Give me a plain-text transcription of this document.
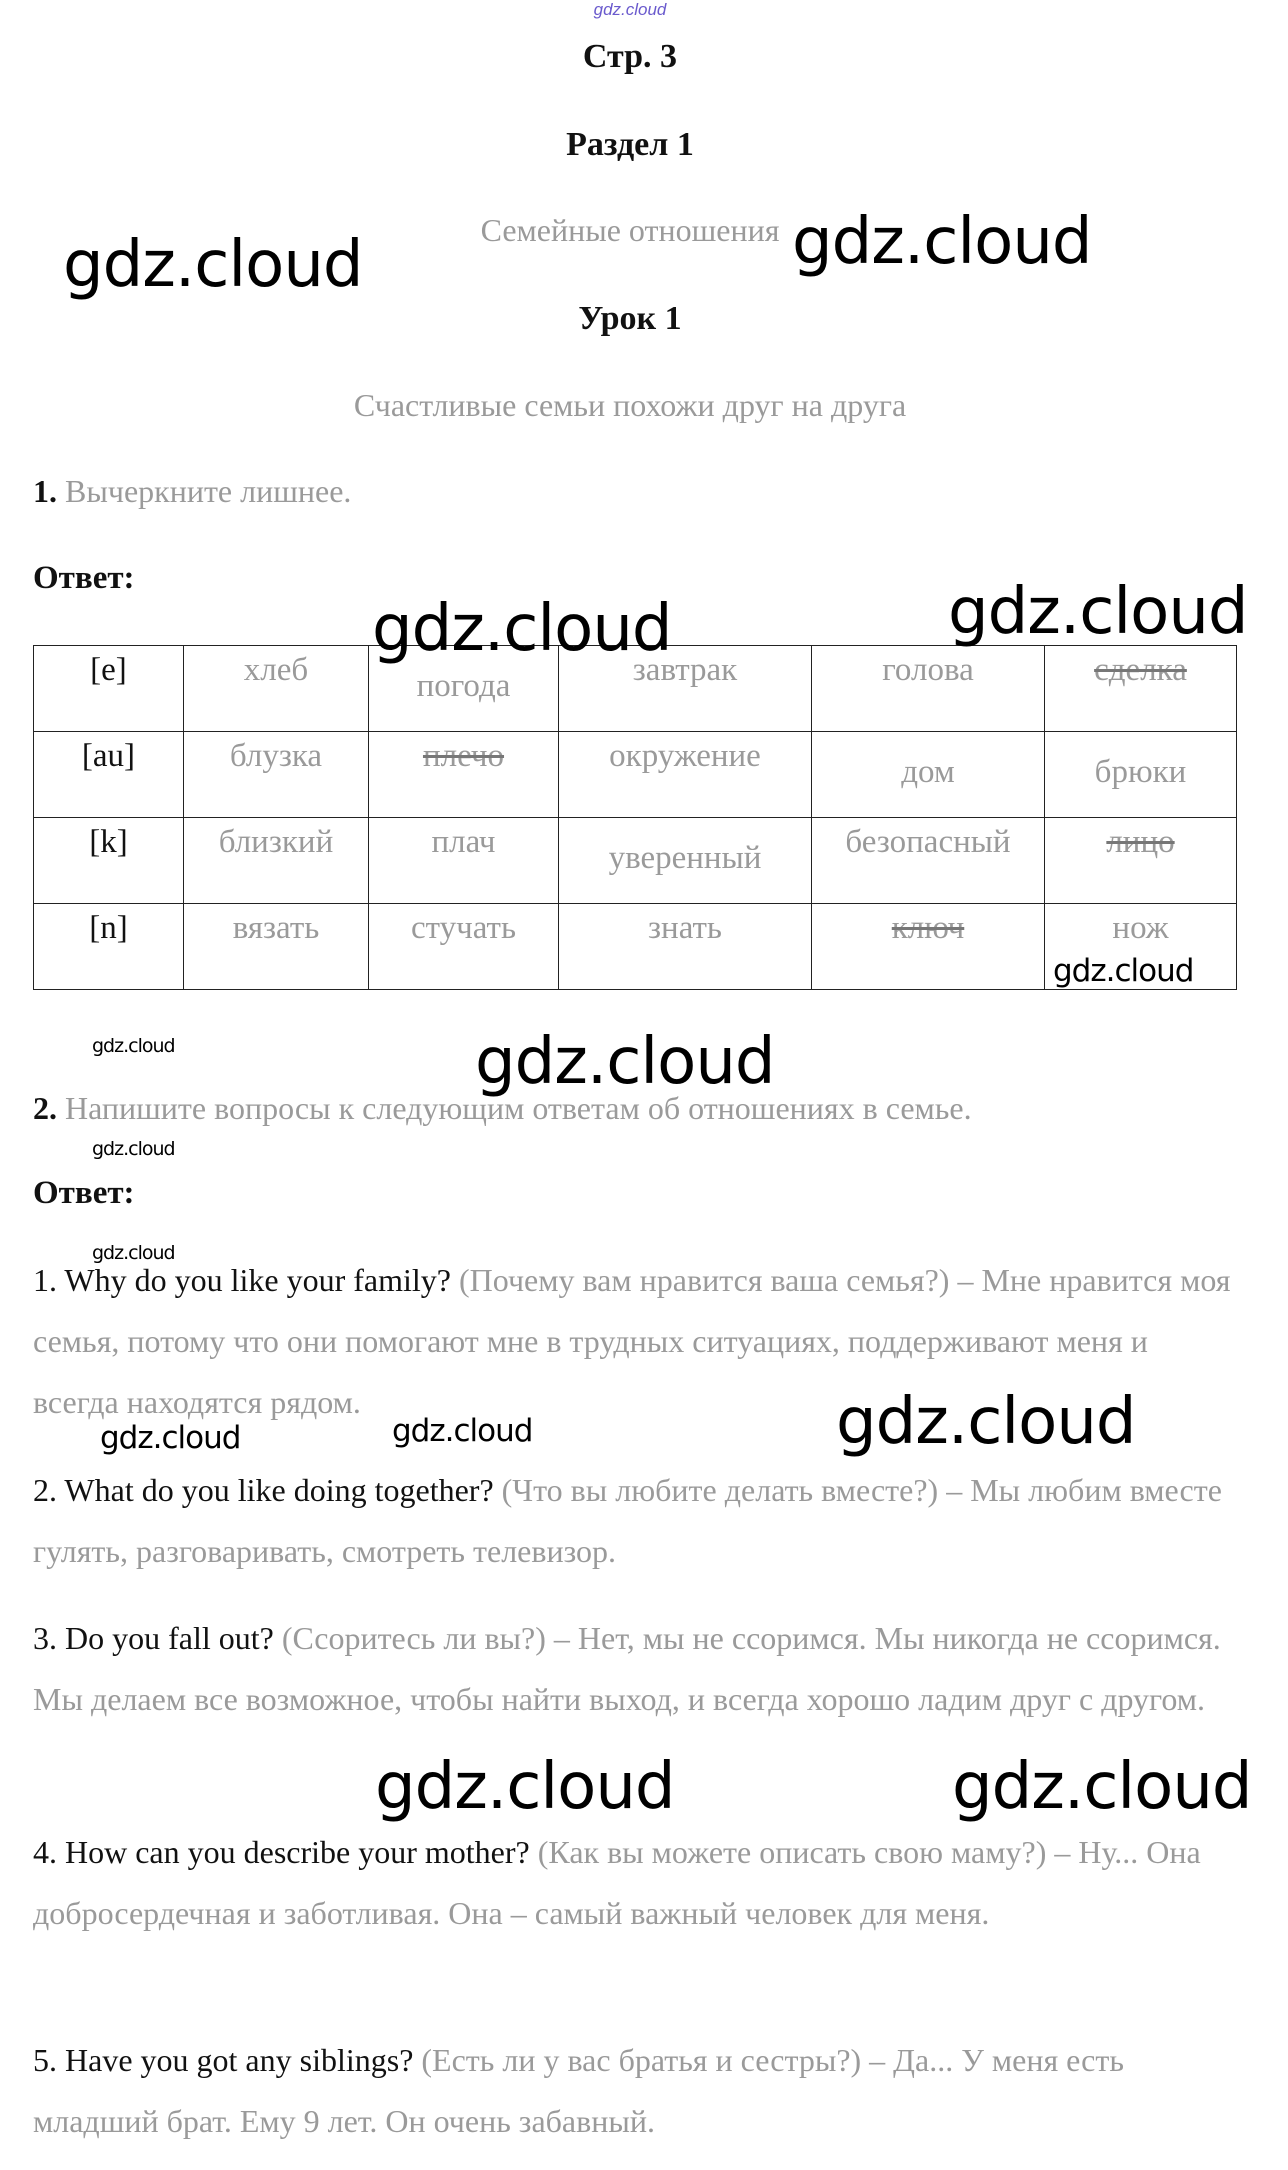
gdz.cloud
Стр. 3
Раздел 1
Семейные отношения
Урок 1
Счастливые семьи похожи друг на друга
1. Вычеркните лишнее.
Ответ:
[e]	хлеб	погода	завтрак	голова	сделка

[au]	блузка	плечо	окружение	дом	брюки

[k]	близкий	плач	уверенный	безопасный	лицо

[n]	вязать	стучать	знать	ключ	нож
2. Напишите вопросы к следующим ответам об отношениях в семье.
Ответ:
1. Why do you like your family? (Почему вам нравится ваша семья?) – Мне нравится моя семья, потому что они помогают мне в трудных ситуациях, поддерживают меня и всегда находятся рядом.
2. What do you like doing together? (Что вы любите делать вместе?) – Мы любим вместе гулять, разговаривать, смотреть телевизор.
3. Do you fall out? (Ссоритесь ли вы?) – Нет, мы не ссоримся. Мы никогда не ссоримся. Мы делаем все возможное, чтобы найти выход, и всегда хорошо ладим друг с другом.
4. How can you describe your mother? (Как вы можете описать свою маму?) – Ну... Она добросердечная и заботливая. Она – самый важный человек для меня.
5. Have you got any siblings? (Есть ли у вас братья и сестры?) – Да... У меня есть младший брат. Ему 9 лет. Он очень забавный.
gdz.cloud	gdz.cloud
gdz.cloud	gdz.cloud
gdz.cloud
gdz.cloud	gdz.cloud
gdz.cloud
gdz.cloud
gdz.cloud	gdz.cloud	gdz.cloud
gdz.cloud	gdz.cloud
